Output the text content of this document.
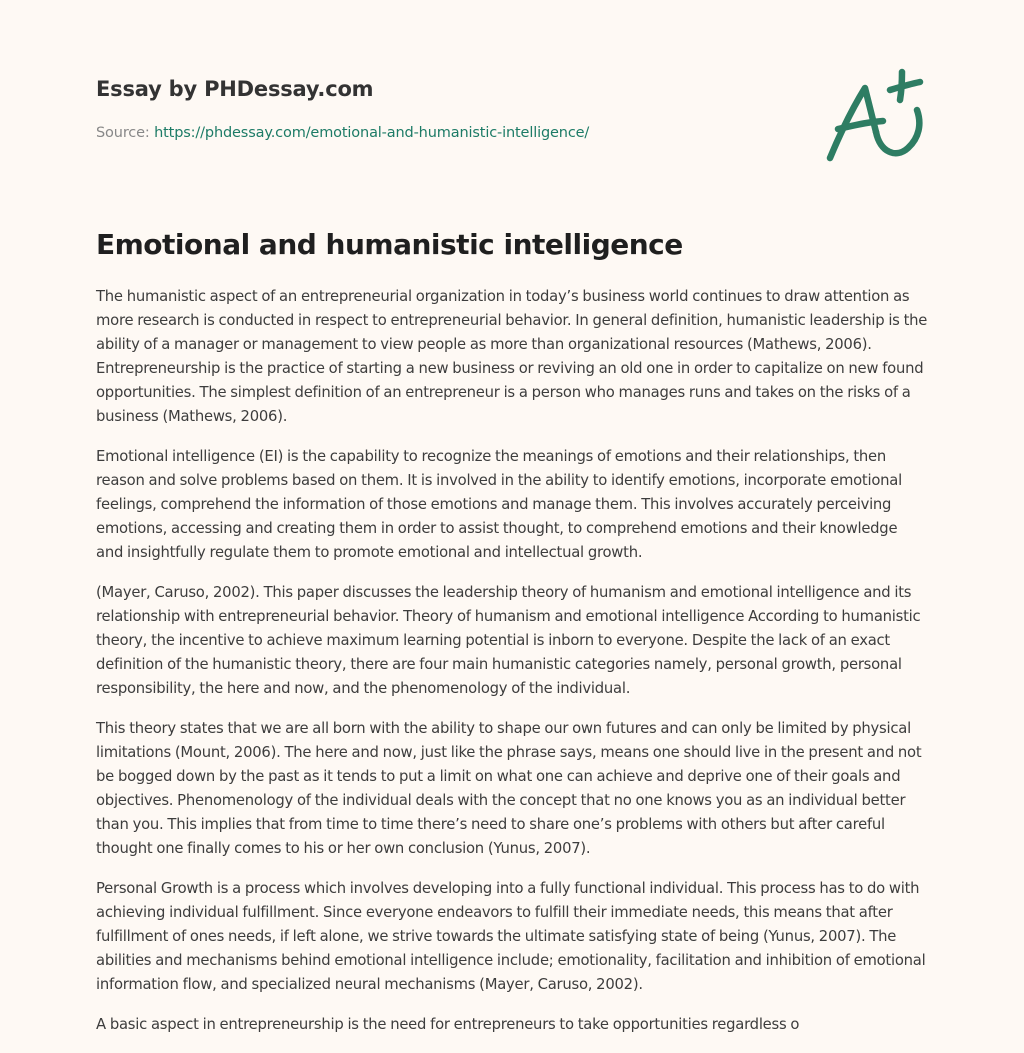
Essay by PHDessay.com
Source: https://phdessay.com/emotional-and-humanistic-intelligence/
Emotional and humanistic intelligence

The humanistic aspect of an entrepreneurial organization in today’s business world continues to draw attention as more research is conducted in respect to entrepreneurial behavior. In general definition, humanistic leadership is the ability of a manager or management to view people as more than organizational resources (Mathews, 2006). Entrepreneurship is the practice of starting a new business or reviving an old one in order to capitalize on new found opportunities. The simplest definition of an entrepreneur is a person who manages runs and takes on the risks of a business (Mathews, 2006).

Emotional intelligence (EI) is the capability to recognize the meanings of emotions and their relationships, then reason and solve problems based on them. It is involved in the ability to identify emotions, incorporate emotional feelings, comprehend the information of those emotions and manage them. This involves accurately perceiving emotions, accessing and creating them in order to assist thought, to comprehend emotions and their knowledge and insightfully regulate them to promote emotional and intellectual growth.

(Mayer, Caruso, 2002). This paper discusses the leadership theory of humanism and emotional intelligence and its relationship with entrepreneurial behavior. Theory of humanism and emotional intelligence According to humanistic theory, the incentive to achieve maximum learning potential is inborn to everyone. Despite the lack of an exact definition of the humanistic theory, there are four main humanistic categories namely, personal growth, personal responsibility, the here and now, and the phenomenology of the individual.

This theory states that we are all born with the ability to shape our own futures and can only be limited by physical limitations (Mount, 2006). The here and now, just like the phrase says, means one should live in the present and not be bogged down by the past as it tends to put a limit on what one can achieve and deprive one of their goals and objectives. Phenomenology of the individual deals with the concept that no one knows you as an individual better than you. This implies that from time to time there’s need to share one’s problems with others but after careful thought one finally comes to his or her own conclusion (Yunus, 2007).

Personal Growth is a process which involves developing into a fully functional individual. This process has to do with achieving individual fulfillment. Since everyone endeavors to fulfill their immediate needs, this means that after fulfillment of ones needs, if left alone, we strive towards the ultimate satisfying state of being (Yunus, 2007). The abilities and mechanisms behind emotional intelligence include; emotionality, facilitation and inhibition of emotional information flow, and specialized neural mechanisms (Mayer, Caruso, 2002).

A basic aspect in entrepreneurship is the need for entrepreneurs to take opportunities regardless o
